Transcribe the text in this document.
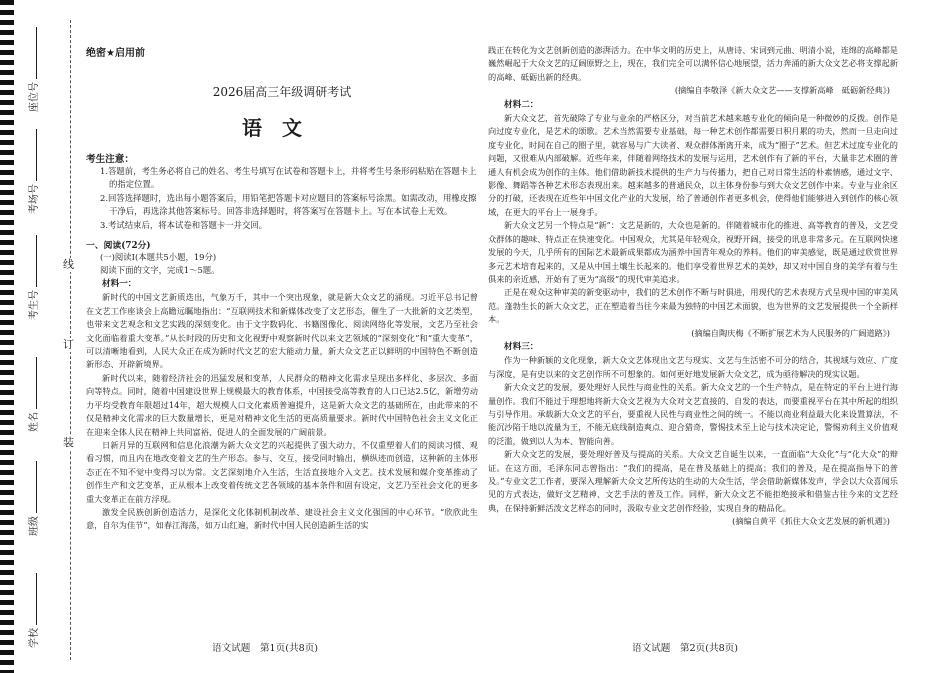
线
订
装
学校
班级
姓名
考生号
考场号
座位号
绝密★启用前
2026届高三年级调研考试
语文
考生注意：

1.答题前，考生务必将自己的姓名、考生号填写在试卷和答题卡上，并将考生号条形码粘贴在答题卡上的指定位置。

2.回答选择题时，选出每小题答案后，用铅笔把答题卡对应题目的答案标号涂黑。如需改动，用橡皮擦干净后，再选涂其他答案标号。回答非选择题时，将答案写在答题卡上。写在本试卷上无效。

3.考试结束后，将本试卷和答题卡一并交回。

一、阅读(72分)
(一)阅读Ⅰ(本题共5小题，19分)
阅读下面的文字，完成1～5题。
材料一：

新时代的中国文艺新质迭出，气象万千，其中一个突出现象，就是新大众文艺的涌现。习近平总书记曾在文艺工作座谈会上高瞻远瞩地指出：“互联网技术和新媒体改变了文艺形态，催生了一大批新的文艺类型，也带来文艺观念和文艺实践的深刻变化。由于文字数码化、书籍图像化、阅读网络化等发展，文艺乃至社会文化面临着重大变革。”从长时段的历史和文化视野中观察新时代以来文艺领域的“深刻变化”和“重大变革”，可以清晰地看到，人民大众正在成为新时代文艺的宏大能动力量，新大众文艺正以鲜明的中国特色不断创造新形态、开辟新境界。

新时代以来，随着经济社会的迅猛发展和变革，人民群众的精神文化需求呈现出多样化、多层次、多面向等特点。同时，随着中国建设世界上规模最大的教育体系，中国接受高等教育的人口已达2.5亿，新增劳动力平均受教育年限超过14年，超大规模人口文化素质普遍提升，这是新大众文艺的基础所在，由此带来的不仅是精神文化需求的巨大数量增长，更是对精神文化生活的更高质量要求。新时代中国特色社会主义文化正在迎来全体人民在精神上共同富裕、促进人的全面发展的广阔前景。

日新月异的互联网和信息化浪潮为新大众文艺的兴起提供了强大动力，不仅重塑着人们的阅读习惯、观看习惯，而且内在地改变着文艺的生产形态。参与、交互，接受同时输出，横纵迹而创造，这种新的主体形态正在不知不觉中变得习以为常。文艺深刻地介入生活，生活直接地介入文艺。技术发展和媒介变革推动了创作生产和文艺变革，正从根本上改变着传统文艺各领域的基本条件和固有设定，文艺乃至社会文化的更多重大变革正在前方浮现。

激发全民族创新创造活力，是深化文化体制机制改革、建设社会主义文化强国的中心环节。“欣欣此生意，自尔为佳节”，如春江海荡，如万山红遍，新时代中国人民创造新生活的实

语文试题　第1页(共8页)

践正在转化为文艺创新创造的澎湃活力。在中华文明的历史上，从唐诗、宋词到元曲、明清小说，连绵的高峰都是巍然崛起于大众文艺的辽阔原野之上，现在，我们完全可以满怀信心地展望，活力奔涌的新大众文艺必将支撑起新的高峰、砥砺出新的经典。

(摘编自李敬泽《新大众文艺——支撑新高峰　砥砺新经典》)

材料二：

新大众文艺，首先破除了专业与业余的严格区分，对当前艺术越来越专业化的倾向是一种微妙的反拨。创作是向过度专业化，是艺术的颂歌。艺术当然需要专业基础，每一种艺术创作都需要日积月累的功夫，然而一旦走向过度专业化，时间在自己的圈子里，就容易与广大读者、观众群体渐离开来，成为“圈子”艺术。但艺术过度专业化的问题，又很难从内部破解。近些年来，伴随着网络技术的发展与运用，艺术创作有了新的平台，大量非艺术圈的普通人有机会成为创作的主体。他们借助新技术提供的生产力与传播力，把自己对日常生活的朴素情感，通过文字、影像、舞蹈等各种艺术形态表现出来。越来越多的普通民众，以主体身份参与到大众文艺创作中来。专业与业余区分的打破，还表现在近些年中国文化产业的大发展，给了普通创作者更多机会，使得他们能够进入到创作的核心领域，在更大的平台上一展身手。

新大众文艺另一个特点是“新”：文艺是新的，大众也是新的。伴随着城市化的推进、高等教育的普及，文艺受众群体的趣味、特点正在快速变化。中国观众，尤其是年轻观众，视野开阔，接受的讯息非常多元。在互联网快速发展的今天，几乎所有的国际艺术最新成果都成为涵养中国青年观众的养料。他们的审美感觉，既是通过欣赏世界多元艺术培育起来的，又是从中国土壤生长起来的。他们享受着世界艺术的美妙，却又对中国自身的美学有着与生俱来的亲近感，开始有了更为“高级”的现代审美追求。

正是在观众这种审美的新变驱动中，我们的艺术创作不断与时俱进，用现代的艺术表现方式呈现中国的审美风范。蓬勃生长的新大众文艺，正在塑造着当往今来最为独特的中国艺术面貌，也为世界的文艺发展提供一个全新样本。

(摘编自陶庆梅《不断扩展艺术为人民服务的广阔道路》)

材料三：

作为一种新颖的文化现象，新大众文艺体现出文艺与现实、文艺与生活密不可分的结合，其视域与效应、广度与深度，是有史以来的文艺创作所不可想象的。如何更好地发展新大众文艺，成为亟待解决的现实议题。

新大众文艺的发展，要处理好人民性与商业性的关系。新大众文艺的一个生产特点，是在特定的平台上进行海量创作。我们不能过于理想地将新大众文艺视为大众对文艺直接的、自发的表达，而要重视平台在其中所起的组织与引导作用。承载新大众文艺的平台，要重视人民性与商业性之间的统一。不能以商业利益最大化来设置算法，不能沉沙陷于地以流量为王，不能无底线制造爽点、迎合猎奇，警惕技术至上论与技术决定论，警惕劝利主义价值观的泛滥，做到以人为本、智能向善。

新大众文艺的发展，要处理好普及与提高的关系。大众文艺自诞生以来，一直面临“大众化”与“化大众”的辩证。在这方面，毛泽东同志曾指出：“我们的提高，是在普及基础上的提高；我们的普及，是在提高指导下的普及。”专业文艺工作者，要深入理解新大众文艺所传达的生动的大众生活，学会借助新媒体发声，学会以大众喜闻乐见的方式表达，做好文艺精神、文艺手法的普及工作。同样，新大众文艺不能拒绝接承和借鉴古往今来的文艺经典，在保持新鲜活泼文艺样态的同时，汲取专业文艺创作经验，实现自身的精品化。

(摘编自黄平《抓住大众文艺发展的新机遇》)

语文试题　第2页(共8页)
